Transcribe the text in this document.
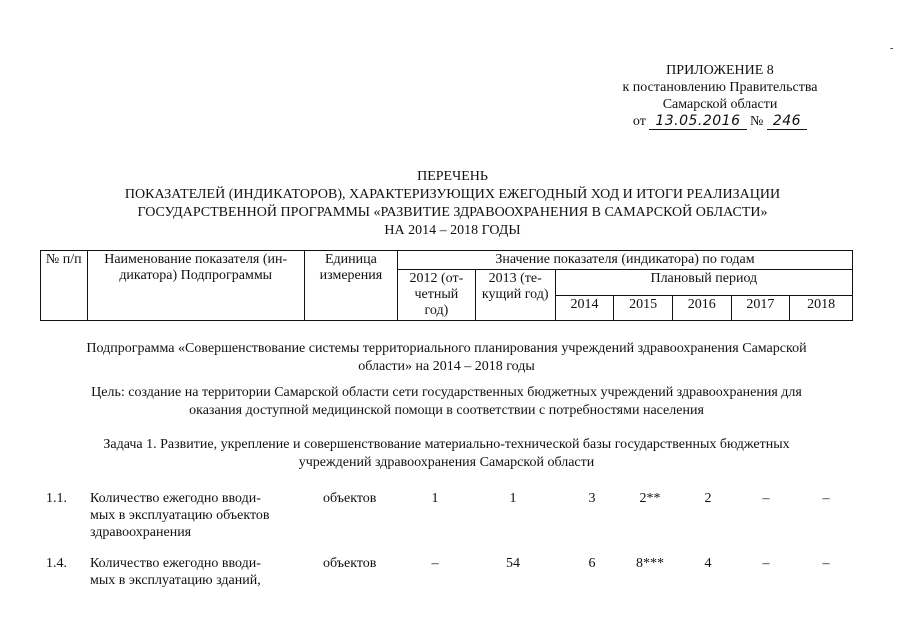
-
ПРИЛОЖЕНИЕ 8
к постановлению Правительства
Самарской области
от 13.05.2016 № 246
ПЕРЕЧЕНЬ
ПОКАЗАТЕЛЕЙ (ИНДИКАТОРОВ), ХАРАКТЕРИЗУЮЩИХ ЕЖЕГОДНЫЙ ХОД И ИТОГИ РЕАЛИЗАЦИИ
ГОСУДАРСТВЕННОЙ ПРОГРАММЫ «РАЗВИТИЕ ЗДРАВООХРАНЕНИЯ В САМАРСКОЙ ОБЛАСТИ»
НА 2014 – 2018 ГОДЫ
№ п/п	Наименование показателя (ин-дикатора) Подпрограммы	Единица измерения	Значение показателя (индикатора) по годам						
			2012 (от-четный год)	2013 (те-кущий год)	Плановый период				
					2014	2015	2016	2017	2018
Подпрограмма «Совершенствование системы территориального планирования учреждений здравоохранения Самарской
области» на 2014 – 2018 годы
Цель: создание на территории Самарской области сети государственных бюджетных учреждений здравоохранения для
оказания доступной медицинской помощи в соответствии с потребностями населения
Задача 1. Развитие, укрепление и совершенствование материально-технической базы государственных бюджетных
учреждений здравоохранения Самарской области
1.1.	Количество ежегодно вводи-
мых в эксплуатацию объектов
здравоохранения
объектов	1	1	3	2**	2	–	–
1.4.	Количество ежегодно вводи-
мых в эксплуатацию зданий,
объектов	–	54	6	8***	4	–	–
